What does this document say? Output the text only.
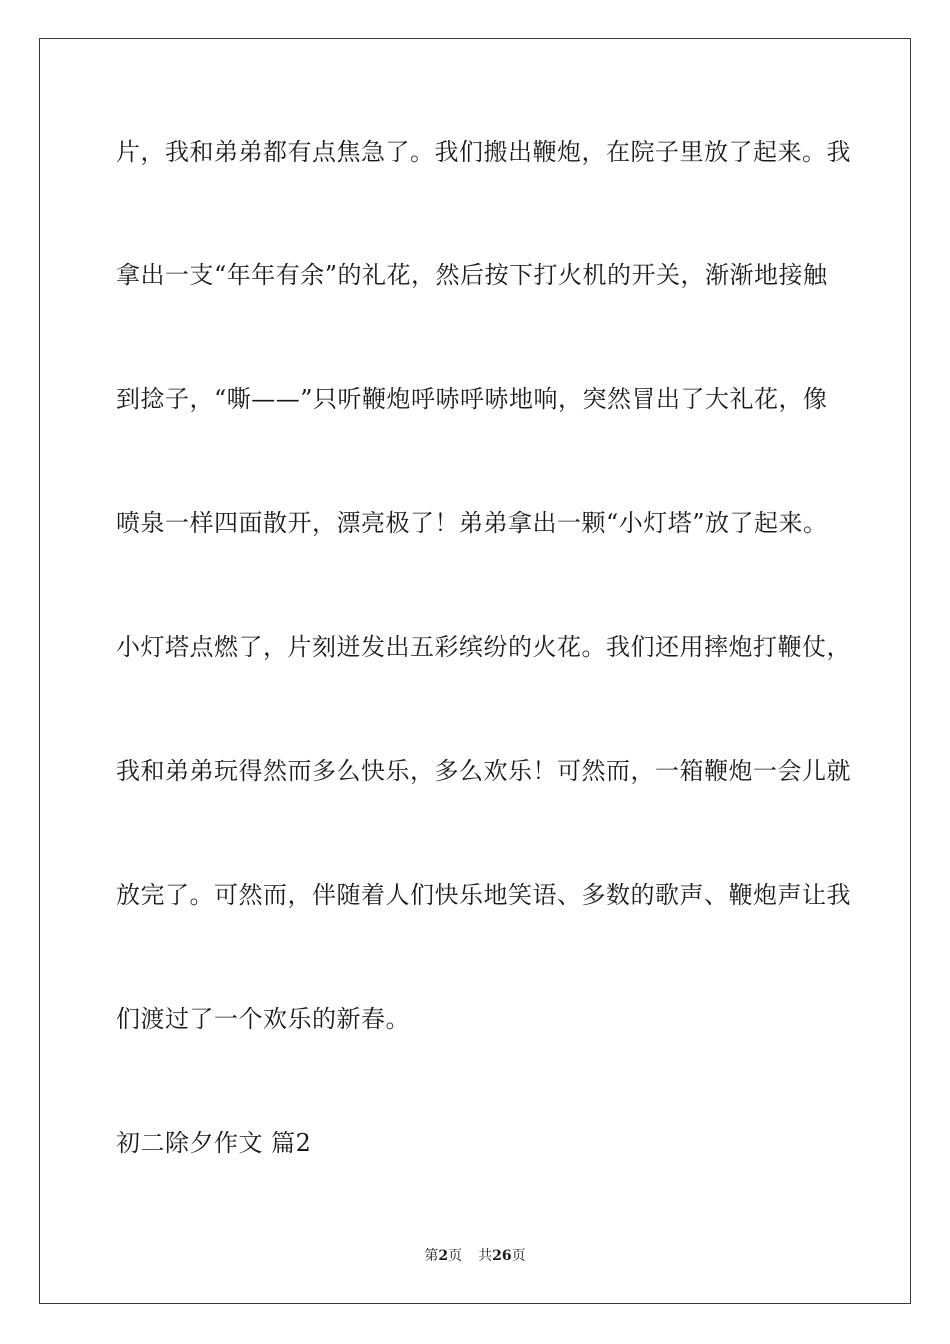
片，我和弟弟都有点焦急了。我们搬出鞭炮，在院子里放了起来。我
拿出一支“年年有余”的礼花，然后按下打火机的开关，渐渐地接触
到捻子，“嘶——”只听鞭炮呼哧呼哧地响，突然冒出了大礼花，像
喷泉一样四面散开，漂亮极了！弟弟拿出一颗“小灯塔”放了起来。
小灯塔点燃了，片刻迸发出五彩缤纷的火花。我们还用摔炮打鞭仗，
我和弟弟玩得然而多么快乐，多么欢乐！可然而，一箱鞭炮一会儿就
放完了。可然而，伴随着人们快乐地笑语、多数的歌声、鞭炮声让我
们渡过了一个欢乐的新春。
初二除夕作文 篇2
第2页 共26页
